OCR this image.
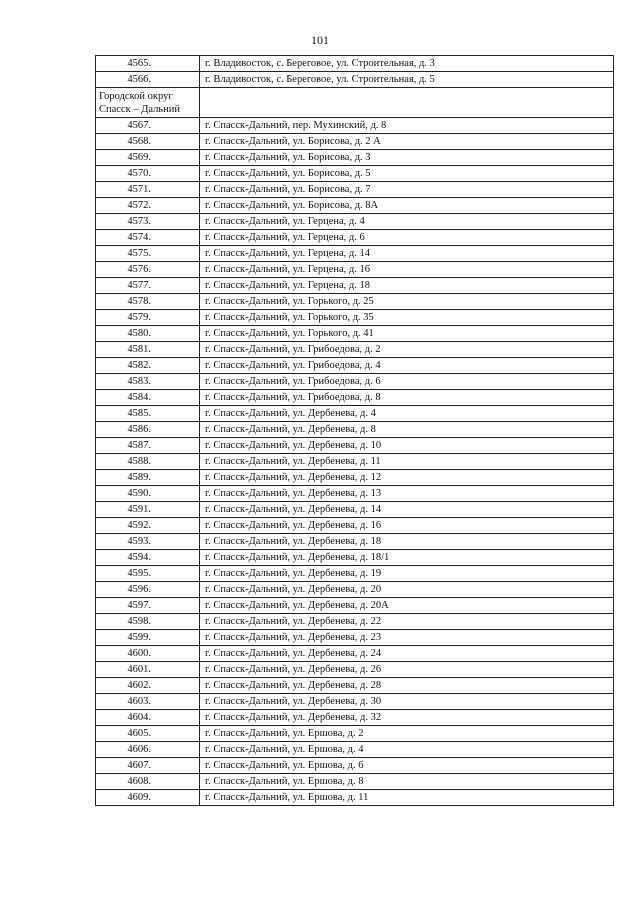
101
4565.	г. Владивосток, с. Береговое, ул. Строительная, д. 3
4566.	г. Владивосток, с. Береговое, ул. Строительная, д. 5
Городской округ Спасск – Дальний	
4567.	г. Спасск-Дальний, пер. Мухинский, д. 8
4568.	г. Спасск-Дальний, ул. Борисова, д. 2 А
4569.	г. Спасск-Дальний, ул. Борисова, д. 3
4570.	г. Спасск-Дальний, ул. Борисова, д. 5
4571.	г. Спасск-Дальний, ул. Борисова, д. 7
4572.	г. Спасск-Дальний, ул. Борисова, д. 8А
4573.	г. Спасск-Дальний, ул. Герцена, д. 4
4574.	г. Спасск-Дальний, ул. Герцена, д. 6
4575.	г. Спасск-Дальний, ул. Герцена, д. 14
4576.	г. Спасск-Дальний, ул. Герцена, д. 16
4577.	г. Спасск-Дальний, ул. Герцена, д. 18
4578.	г. Спасск-Дальний, ул. Горького, д. 25
4579.	г. Спасск-Дальний, ул. Горького, д. 35
4580.	г. Спасск-Дальний, ул. Горького, д. 41
4581.	г. Спасск-Дальний, ул. Грибоедова, д. 2
4582.	г. Спасск-Дальний, ул. Грибоедова, д. 4
4583.	г. Спасск-Дальний, ул. Грибоедова, д. 6
4584.	г. Спасск-Дальний, ул. Грибоедова, д. 8
4585.	г. Спасск-Дальний, ул. Дербенева, д. 4
4586.	г. Спасск-Дальний, ул. Дербенева, д. 8
4587.	г. Спасск-Дальний, ул. Дербенева, д. 10
4588.	г. Спасск-Дальний, ул. Дербенева, д. 11
4589.	г. Спасск-Дальний, ул. Дербенева, д. 12
4590.	г. Спасск-Дальний, ул. Дербенева, д. 13
4591.	г. Спасск-Дальний, ул. Дербенева, д. 14
4592.	г. Спасск-Дальний, ул. Дербенева, д. 16
4593.	г. Спасск-Дальний, ул. Дербенева, д. 18
4594.	г. Спасск-Дальний, ул. Дербенева, д. 18/1
4595.	г. Спасск-Дальний, ул. Дербенева, д. 19
4596.	г. Спасск-Дальний, ул. Дербенева, д. 20
4597.	г. Спасск-Дальний, ул. Дербенева, д. 20А
4598.	г. Спасск-Дальний, ул. Дербенева, д. 22
4599.	г. Спасск-Дальний, ул. Дербенева, д. 23
4600.	г. Спасск-Дальний, ул. Дербенева, д. 24
4601.	г. Спасск-Дальний, ул. Дербенева, д. 26
4602.	г. Спасск-Дальний, ул. Дербенева, д. 28
4603.	г. Спасск-Дальний, ул. Дербенева, д. 30
4604.	г. Спасск-Дальний, ул. Дербенева, д. 32
4605.	г. Спасск-Дальний, ул. Ершова, д. 2
4606.	г. Спасск-Дальний, ул. Ершова, д. 4
4607.	г. Спасск-Дальний, ул. Ершова, д. 6
4608.	г. Спасск-Дальний, ул. Ершова, д. 8
4609.	г. Спасск-Дальний, ул. Ершова, д. 11
